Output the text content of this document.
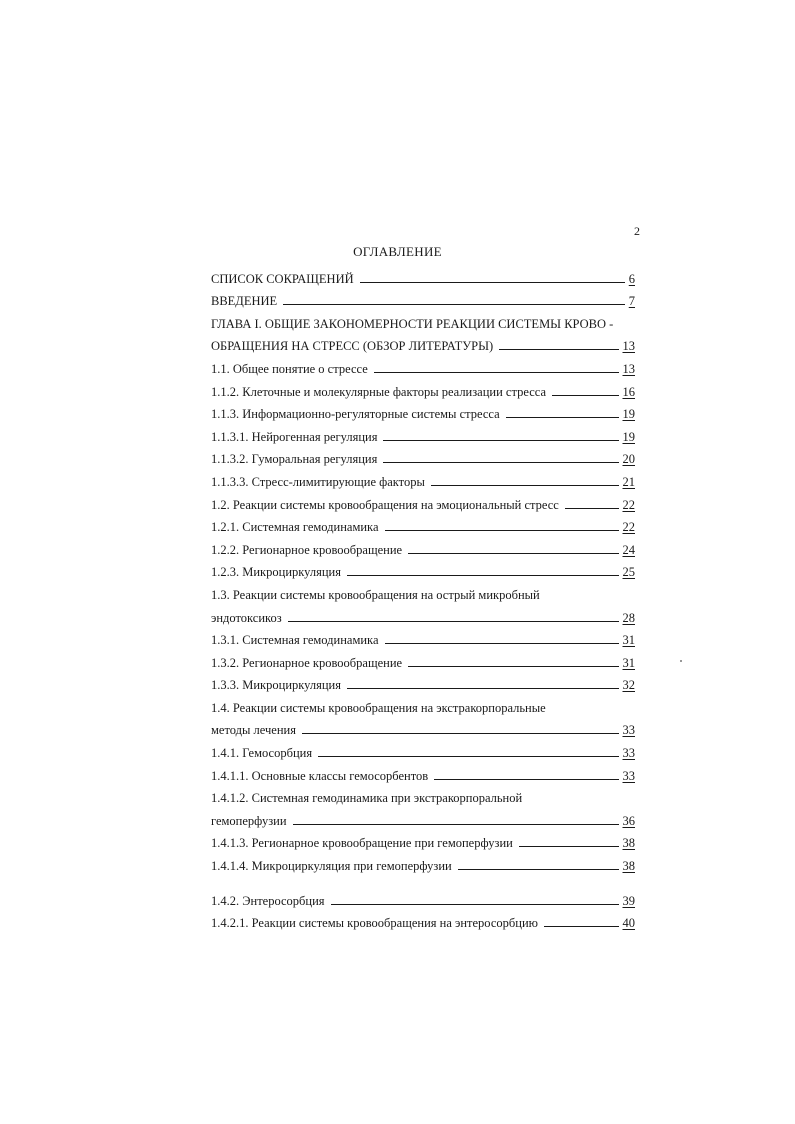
2
ОГЛАВЛЕНИЕ
СПИСОК СОКРАЩЕНИЙ	6
ВВЕДЕНИЕ	7
ГЛАВА I. ОБЩИЕ ЗАКОНОМЕРНОСТИ РЕАКЦИИ СИСТЕМЫ КРОВО -
ОБРАЩЕНИЯ НА СТРЕСС (ОБЗОР ЛИТЕРАТУРЫ)	13
1.1. Общее понятие о стрессе	13
1.1.2. Клеточные и молекулярные факторы реализации стресса	16
1.1.3. Информационно-регуляторные системы стресса	19
1.1.3.1. Нейрогенная регуляция	19
1.1.3.2. Гуморальная регуляция	20
1.1.3.3. Стресс-лимитирующие факторы	21
1.2. Реакции системы кровообращения на эмоциональный стресс	22
1.2.1. Системная гемодинамика	22
1.2.2. Регионарное кровообращение	24
1.2.3. Микроциркуляция	25
1.3. Реакции системы кровообращения на острый микробный
эндотоксикоз	28
1.3.1. Системная гемодинамика	31
1.3.2. Регионарное кровообращение	31
1.3.3. Микроциркуляция	32
1.4. Реакции системы кровообращения на экстракорпоральные
методы лечения	33
1.4.1. Гемосорбция	33
1.4.1.1. Основные классы гемосорбентов	33
1.4.1.2. Системная гемодинамика при экстракорпоральной
гемоперфузии	36
1.4.1.3. Регионарное кровообращение при гемоперфузии	38
1.4.1.4. Микроциркуляция при гемоперфузии	38
1.4.2. Энтеросорбция	39
1.4.2.1. Реакции системы кровообращения на энтеросорбцию	40
